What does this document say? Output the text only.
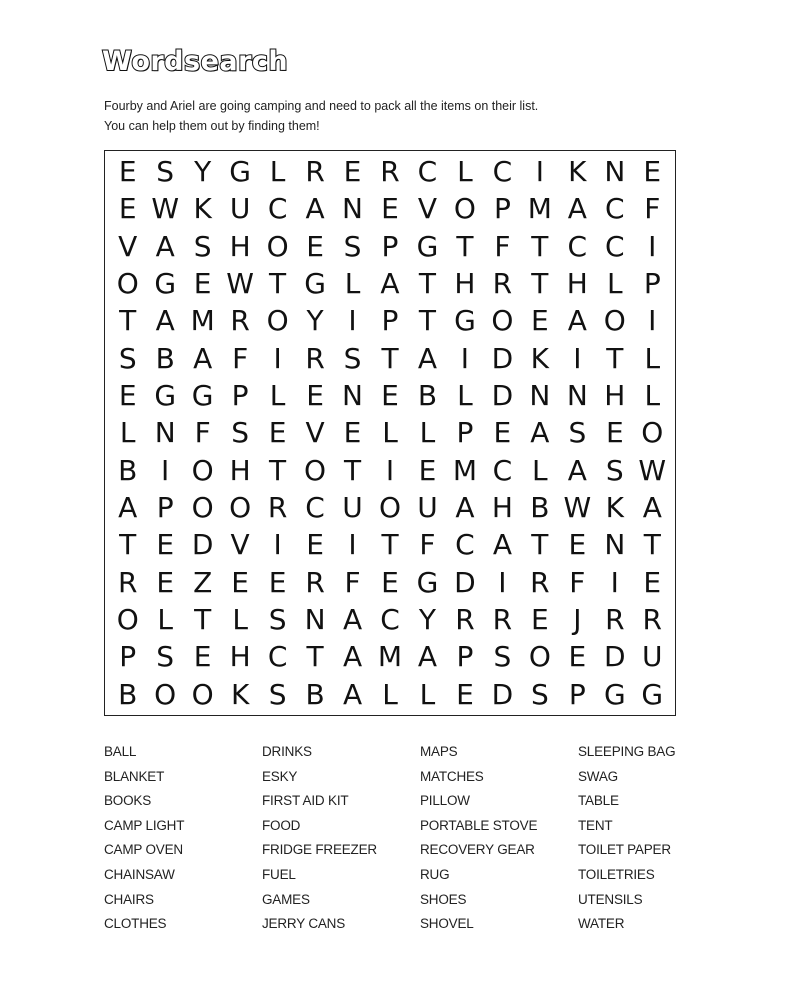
Wordsearch
Fourby and Ariel are going camping and need to pack all the items on their list.
You can help them out by finding them!
E S Y G L R E R C L C I K N E
E W K U C A N E V O P M A C F
V A S H O E S P G T F T C C I
O G E W T G L A T H R T H L P
T A M R O Y I P T G O E A O I
S B A F I R S T A I D K I T L
E G G P L E N E B L D N N H L
L N F S E V E L L P E A S E O
B I O H T O T I E M C L A S W
A P O O R C U O U A H B W K A
T E D V I E I T F C A T E N T
R E Z E E R F E G D I R F I E
O L T L S N A C Y R R E J R R
P S E H C T A M A P S O E D U
B O O K S B A L L E D S P G G
BALL
BLANKET
BOOKS
CAMP LIGHT
CAMP OVEN
CHAINSAW
CHAIRS
CLOTHES
DRINKS
ESKY
FIRST AID KIT
FOOD
FRIDGE FREEZER
FUEL
GAMES
JERRY CANS
MAPS
MATCHES
PILLOW
PORTABLE STOVE
RECOVERY GEAR
RUG
SHOES
SHOVEL
SLEEPING BAG
SWAG
TABLE
TENT
TOILET PAPER
TOILETRIES
UTENSILS
WATER
